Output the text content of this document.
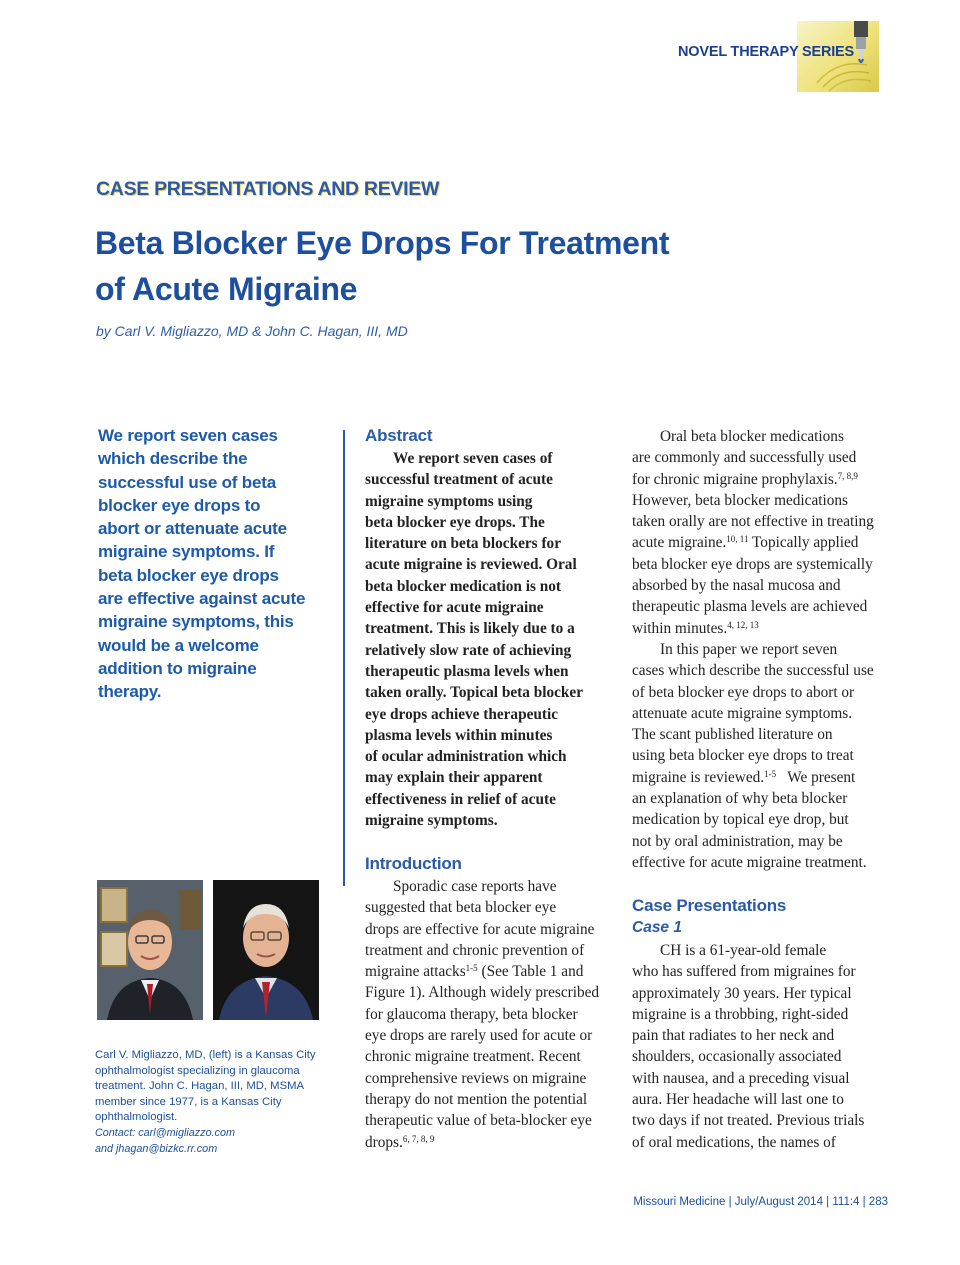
NOVEL THERAPY SERIES
CASE PRESENTATIONS AND REVIEW
Beta Blocker Eye Drops For Treatment
of Acute Migraine
by Carl V. Migliazzo, MD & John C. Hagan, III, MD

We report seven cases
which describe the
successful use of beta
blocker eye drops to
abort or attenuate acute
migraine symptoms. If
beta blocker eye drops
are effective against acute
migraine symptoms, this
would be a welcome
addition to migraine
therapy.

Carl V. Migliazzo, MD, (left) is a Kansas City
ophthalmologist specializing in glaucoma
treatment. John C. Hagan, III, MD, MSMA
member since 1977, is a Kansas City
ophthalmologist.
Contact: carl@migliazzo.com
and jhagan@bizkc.rr.com
Abstract

We report seven cases of
successful treatment of acute
migraine symptoms using
beta blocker eye drops. The
literature on beta blockers for
acute migraine is reviewed. Oral
beta blocker medication is not
effective for acute migraine
treatment. This is likely due to a
relatively slow rate of achieving
therapeutic plasma levels when
taken orally. Topical beta blocker
eye drops achieve therapeutic
plasma levels within minutes
of ocular administration which
may explain their apparent
effectiveness in relief of acute
migraine symptoms.

Introduction

Sporadic case reports have
suggested that beta blocker eye
drops are effective for acute migraine
treatment and chronic prevention of
migraine attacks$^{1-5}$ (See Table 1 and
Figure 1). Although widely prescribed
for glaucoma therapy, beta blocker
eye drops are rarely used for acute or
chronic migraine treatment. Recent
comprehensive reviews on migraine
therapy do not mention the potential
therapeutic value of beta-blocker eye
drops.$^{6, 7, 8, 9}$

Oral beta blocker medications
are commonly and successfully used
for chronic migraine prophylaxis.$^{7, 8,9}$
However, beta blocker medications
taken orally are not effective in treating
acute migraine.$^{10, 11}$ Topically applied
beta blocker eye drops are systemically
absorbed by the nasal mucosa and
therapeutic plasma levels are achieved
within minutes.$^{4, 12, 13}$
In this paper we report seven
cases which describe the successful use
of beta blocker eye drops to abort or
attenuate acute migraine symptoms.
The scant published literature on
using beta blocker eye drops to treat
migraine is reviewed.$^{1-5}$   We present
an explanation of why beta blocker
medication by topical eye drop, but
not by oral administration, may be
effective for acute migraine treatment.

Case Presentations
Case 1

CH is a 61-year-old female
who has suffered from migraines for
approximately 30 years. Her typical
migraine is a throbbing, right-sided
pain that radiates to her neck and
shoulders, occasionally associated
with nausea, and a preceding visual
aura. Her headache will last one to
two days if not treated. Previous trials
of oral medications, the names of

Missouri Medicine | July/August 2014 | 111:4 | 283
